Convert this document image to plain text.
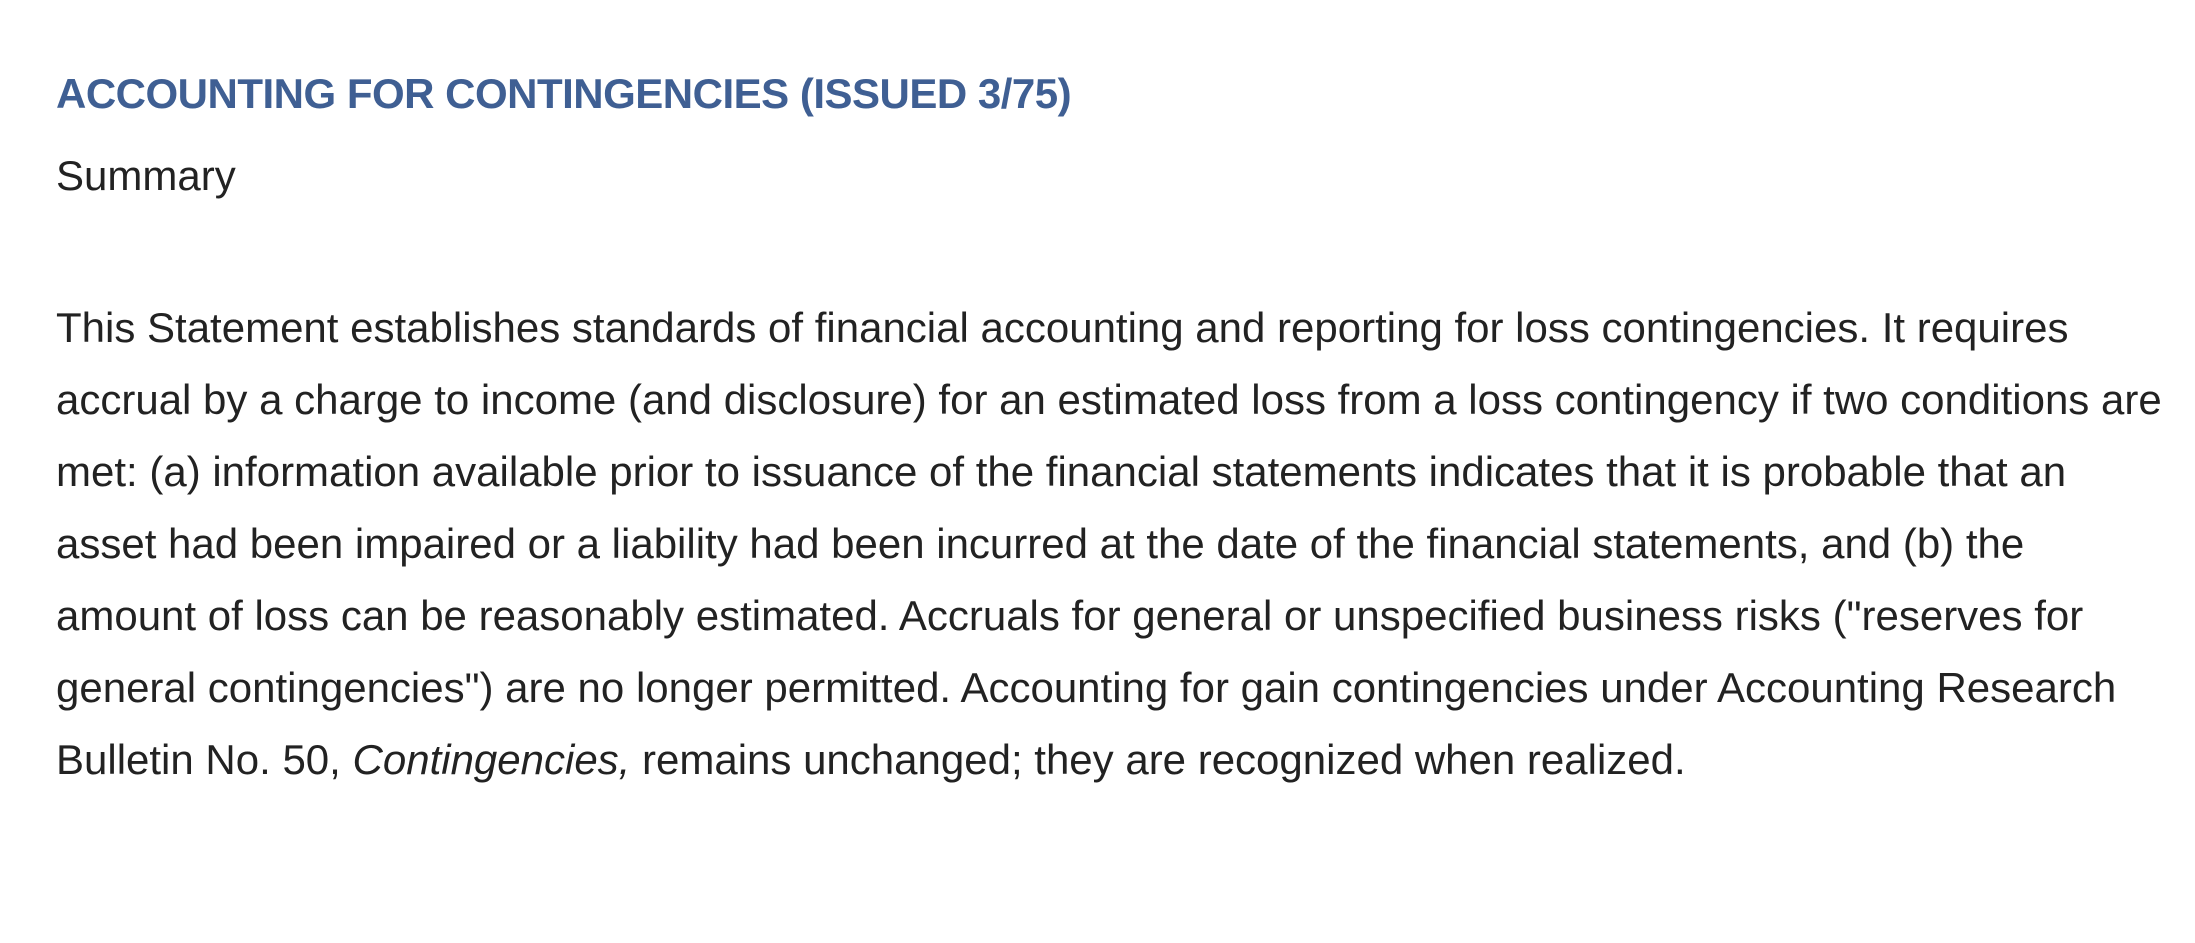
ACCOUNTING FOR CONTINGENCIES (ISSUED 3/75)
Summary

This Statement establishes standards of financial accounting and reporting for loss contingencies. It requires accrual by a charge to income (and disclosure) for an estimated loss from a loss contingency if two conditions are met: (a) information available prior to issuance of the financial statements indicates that it is probable that an asset had been impaired or a liability had been incurred at the date of the financial statements, and (b) the amount of loss can be reasonably estimated. Accruals for general or unspecified business risks ("reserves for general contingencies") are no longer permitted. Accounting for gain contingencies under Accounting Research Bulletin No. 50, Contingencies, remains unchanged; they are recognized when realized.
